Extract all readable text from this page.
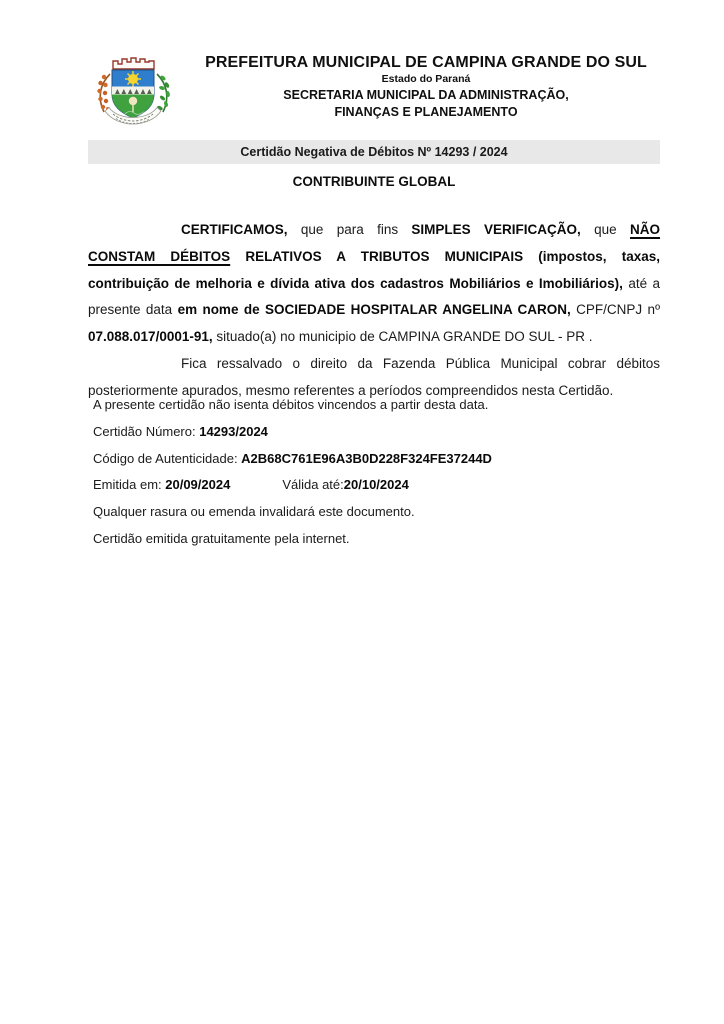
PREFEITURA MUNICIPAL DE CAMPINA GRANDE DO SUL
Estado do Paraná
SECRETARIA MUNICIPAL DA ADMINISTRAÇÃO,
FINANÇAS E PLANEJAMENTO
Certidão Negativa de Débitos Nº 14293 / 2024
CONTRIBUINTE GLOBAL

CERTIFICAMOS, que para fins SIMPLES VERIFICAÇÃO, que NÃO CONSTAM DÉBITOS RELATIVOS A TRIBUTOS MUNICIPAIS (impostos, taxas, contribuição de melhoria e dívida ativa dos cadastros Mobiliários e Imobiliários), até a presente data em nome de SOCIEDADE HOSPITALAR ANGELINA CARON, CPF/CNPJ nº 07.088.017/0001-91, situado(a) no municipio de CAMPINA GRANDE DO SUL - PR .

Fica ressalvado o direito da Fazenda Pública Municipal cobrar débitos posteriormente apurados, mesmo referentes a períodos compreendidos nesta Certidão.

A presente certidão não isenta débitos vincendos a partir desta data.
Certidão Número: 14293/2024
Código de Autenticidade: A2B68C761E96A3B0D228F324FE37244D
Emitida em: 20/09/2024	Válida até:20/10/2024
Qualquer rasura ou emenda invalidará este documento.
Certidão emitida gratuitamente pela internet.
